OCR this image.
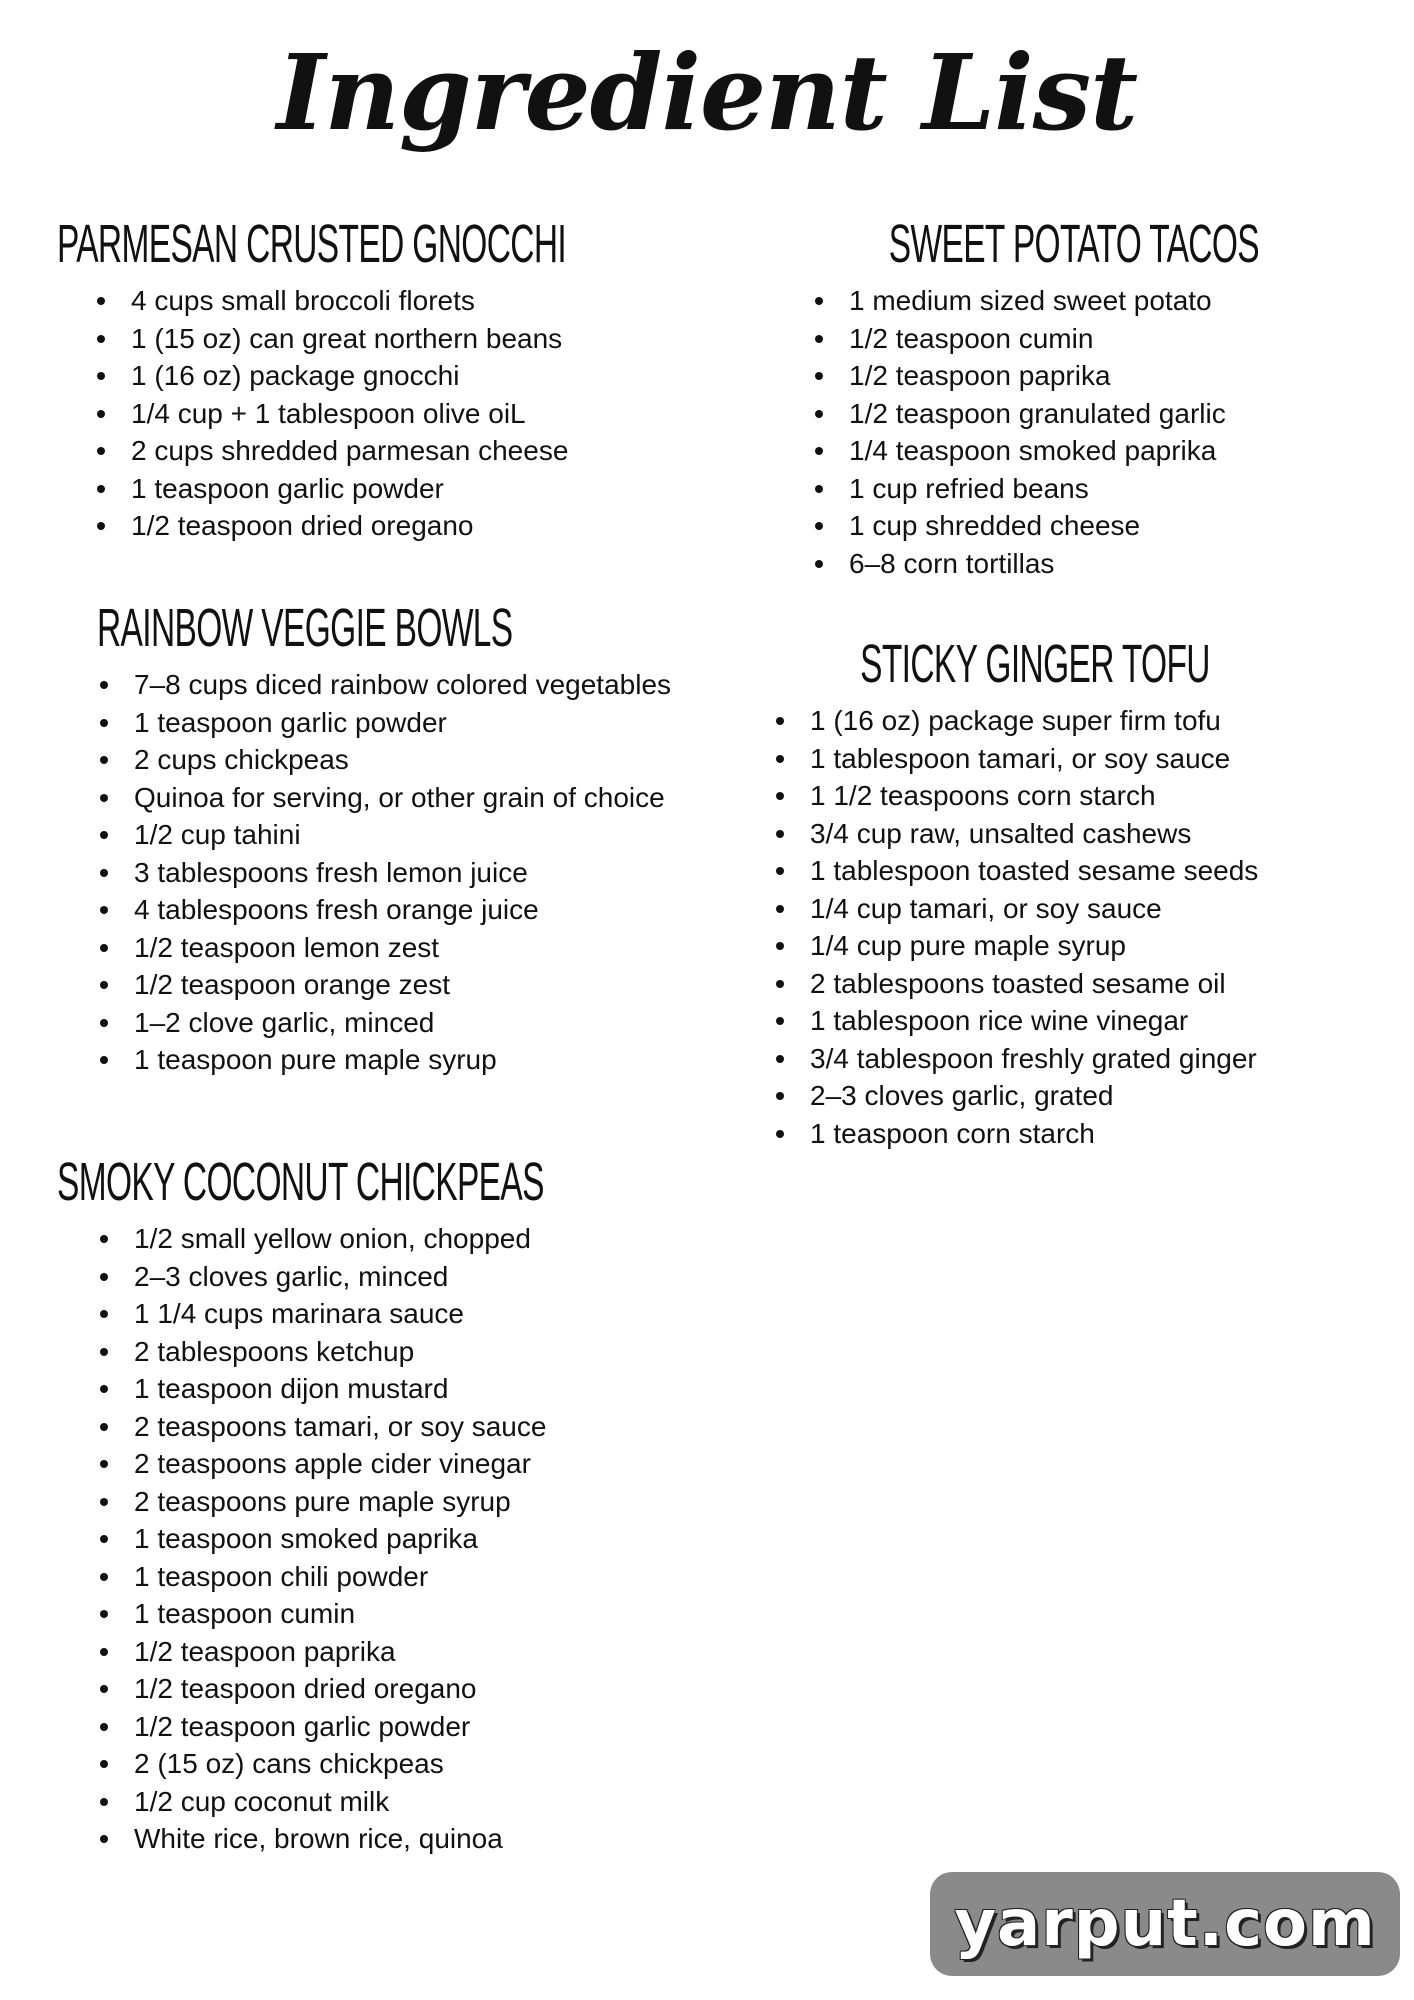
Ingredient List
PARMESAN CRUSTED GNOCCHI
4 cups small broccoli florets
1 (15 oz) can great northern beans
1 (16 oz) package gnocchi
1/4 cup + 1 tablespoon olive oiL
2 cups shredded parmesan cheese
1 teaspoon garlic powder
1/2 teaspoon dried oregano
RAINBOW VEGGIE BOWLS
7–8 cups diced rainbow colored vegetables
1 teaspoon garlic powder
2 cups chickpeas
Quinoa for serving, or other grain of choice
1/2 cup tahini
3 tablespoons fresh lemon juice
4 tablespoons fresh orange juice
1/2 teaspoon lemon zest
1/2 teaspoon orange zest
1–2 clove garlic, minced
1 teaspoon pure maple syrup
SMOKY COCONUT CHICKPEAS
1/2 small yellow onion, chopped
2–3 cloves garlic, minced
1 1/4 cups marinara sauce
2 tablespoons ketchup
1 teaspoon dijon mustard
2 teaspoons tamari, or soy sauce
2 teaspoons apple cider vinegar
2 teaspoons pure maple syrup
1 teaspoon smoked paprika
1 teaspoon chili powder
1 teaspoon cumin
1/2 teaspoon paprika
1/2 teaspoon dried oregano
1/2 teaspoon garlic powder
2 (15 oz) cans chickpeas
1/2 cup coconut milk
White rice, brown rice, quinoa
SWEET POTATO TACOS
1 medium sized sweet potato
1/2 teaspoon cumin
1/2 teaspoon paprika
1/2 teaspoon granulated garlic
1/4 teaspoon smoked paprika
1 cup refried beans
1 cup shredded cheese
6–8 corn tortillas
STICKY GINGER TOFU
1 (16 oz) package super firm tofu
1 tablespoon tamari, or soy sauce
1 1/2 teaspoons corn starch
3/4 cup raw, unsalted cashews
1 tablespoon toasted sesame seeds
1/4 cup tamari, or soy sauce
1/4 cup pure maple syrup
2 tablespoons toasted sesame oil
1 tablespoon rice wine vinegar
3/4 tablespoon freshly grated ginger
2–3 cloves garlic, grated
1 teaspoon corn starch
yarput.com
